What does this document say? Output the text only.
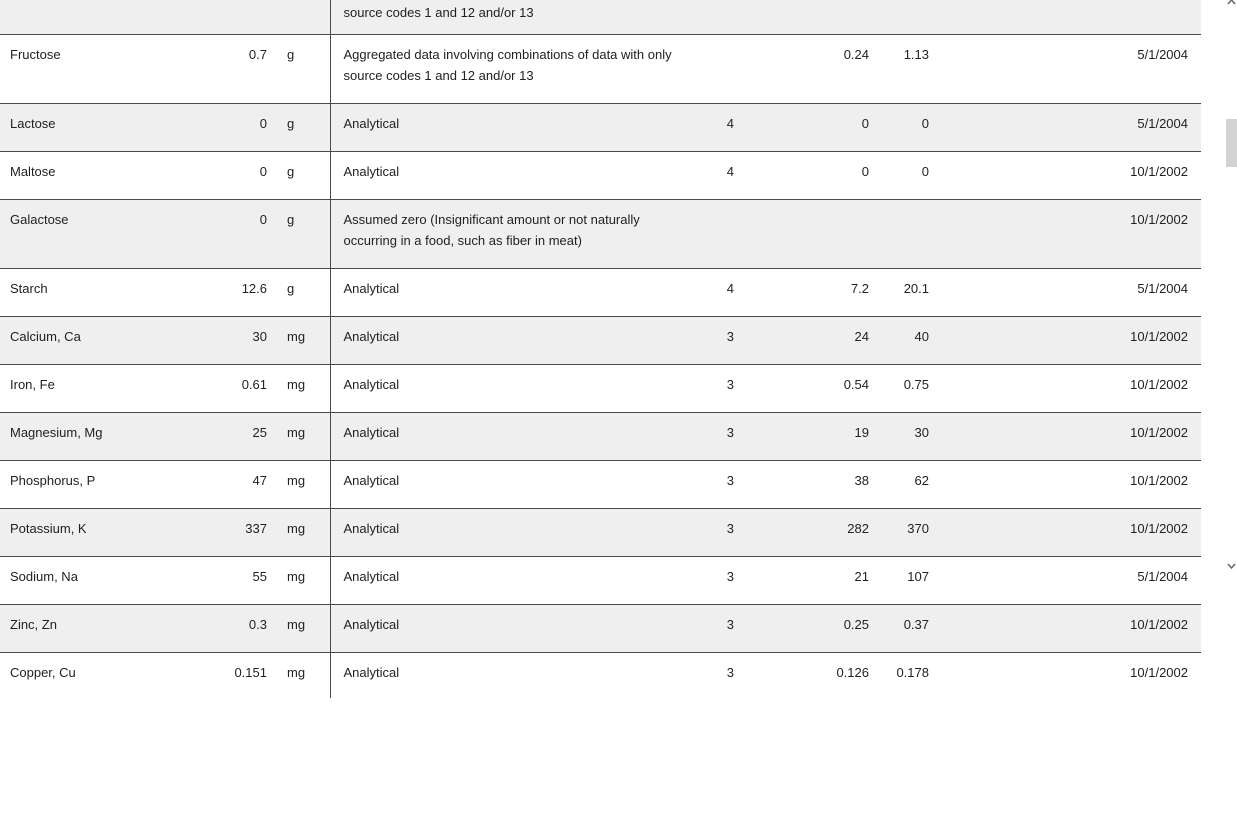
			source codes 1 and 12 and/or 13				
Fructose	0.7	g	Aggregated data involving combinations of data with only source codes 1 and 12 and/or 13		0.24	1.13	5/1/2004
Lactose	0	g	Analytical	4	0	0	5/1/2004
Maltose	0	g	Analytical	4	0	0	10/1/2002
Galactose	0	g	Assumed zero (Insignificant amount or not naturally occurring in a food, such as fiber in meat)				10/1/2002
Starch	12.6	g	Analytical	4	7.2	20.1	5/1/2004
Calcium, Ca	30	mg	Analytical	3	24	40	10/1/2002
Iron, Fe	0.61	mg	Analytical	3	0.54	0.75	10/1/2002
Magnesium, Mg	25	mg	Analytical	3	19	30	10/1/2002
Phosphorus, P	47	mg	Analytical	3	38	62	10/1/2002
Potassium, K	337	mg	Analytical	3	282	370	10/1/2002
Sodium, Na	55	mg	Analytical	3	21	107	5/1/2004
Zinc, Zn	0.3	mg	Analytical	3	0.25	0.37	10/1/2002
Copper, Cu	0.151	mg	Analytical	3	0.126	0.178	10/1/2002
